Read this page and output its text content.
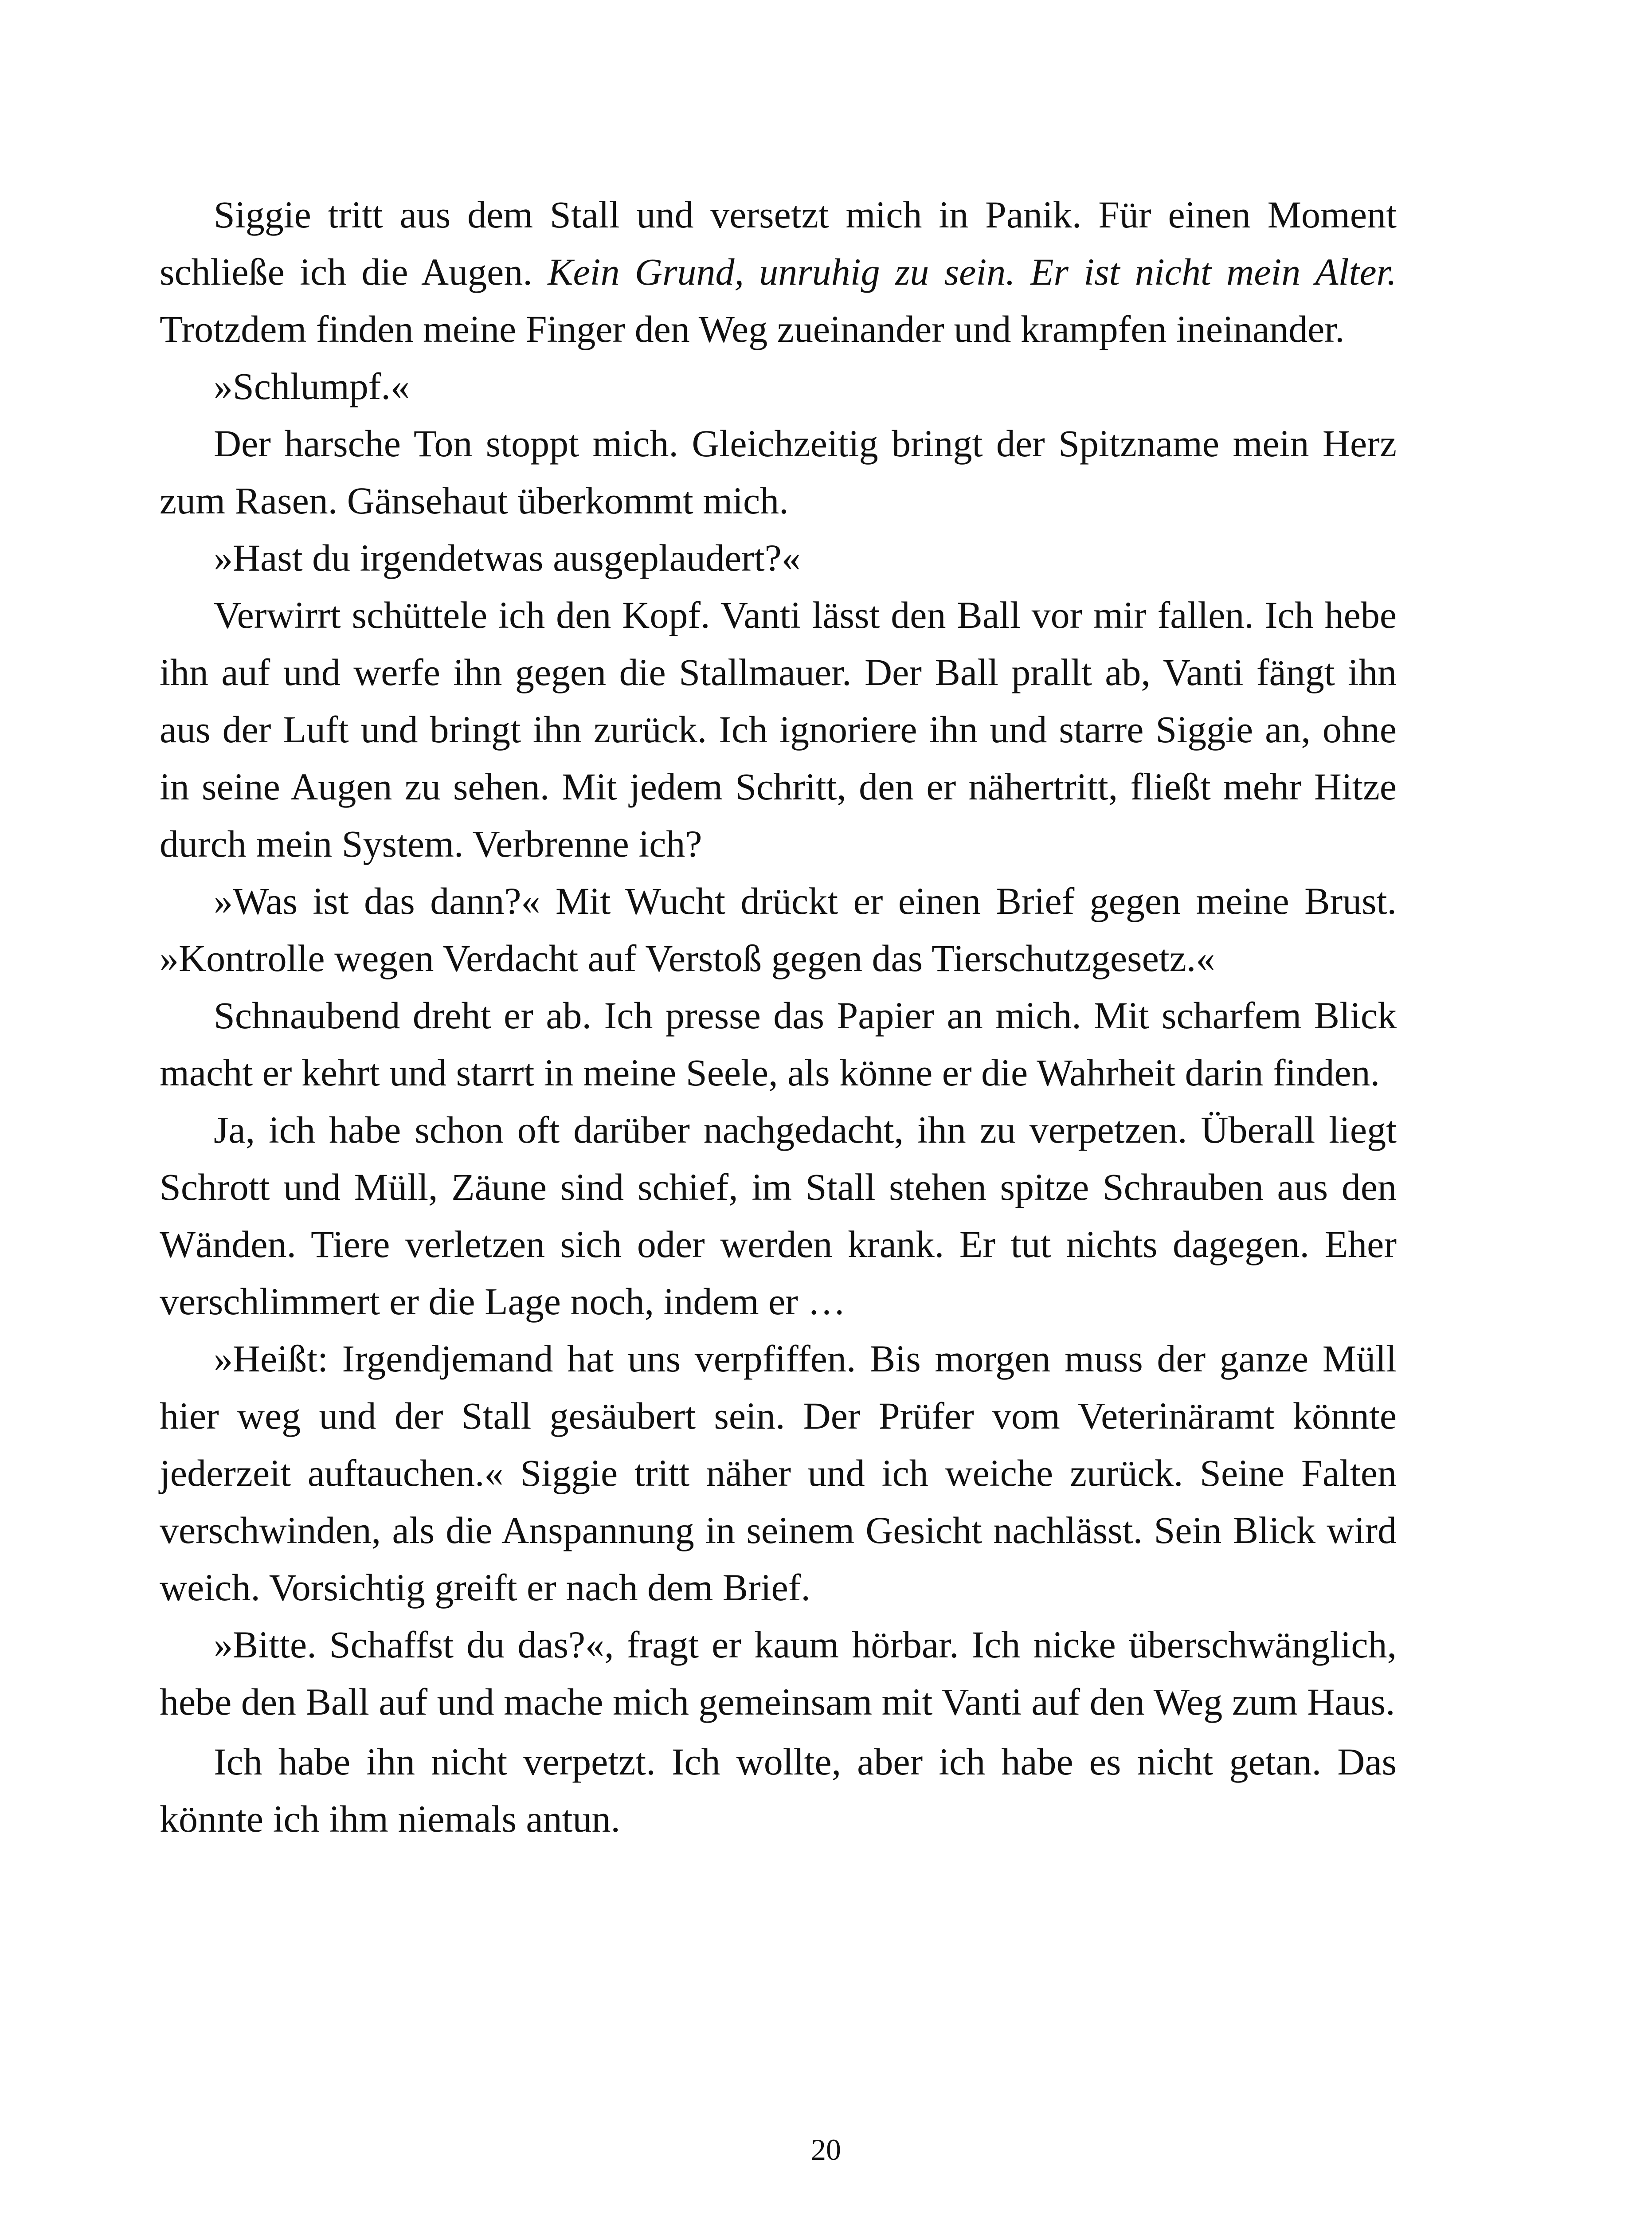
Siggie tritt aus dem Stall und versetzt mich in Panik. Für einen Moment schließe ich die Augen. Kein Grund, unruhig zu sein. Er ist nicht mein Alter. Trotzdem finden meine Finger den Weg zueinander und krampfen ineinander.

»Schlumpf.«

Der harsche Ton stoppt mich. Gleichzeitig bringt der Spitzname mein Herz zum Rasen. Gänsehaut überkommt mich.

»Hast du irgendetwas ausgeplaudert?«

Verwirrt schüttele ich den Kopf. Vanti lässt den Ball vor mir fallen. Ich hebe ihn auf und werfe ihn gegen die Stallmauer. Der Ball prallt ab, Vanti fängt ihn aus der Luft und bringt ihn zurück. Ich ignoriere ihn und starre Siggie an, ohne in seine Augen zu sehen. Mit jedem Schritt, den er nähertritt, fließt mehr Hitze durch mein System. Verbrenne ich?

»Was ist das dann?« Mit Wucht drückt er einen Brief gegen meine Brust. »Kontrolle wegen Verdacht auf Verstoß gegen das Tierschutzgesetz.«

Schnaubend dreht er ab. Ich presse das Papier an mich. Mit scharfem Blick macht er kehrt und starrt in meine Seele, als könne er die Wahrheit darin finden.

Ja, ich habe schon oft darüber nachgedacht, ihn zu verpetzen. Überall liegt Schrott und Müll, Zäune sind schief, im Stall stehen spitze Schrauben aus den Wänden. Tiere verletzen sich oder werden krank. Er tut nichts dagegen. Eher verschlimmert er die Lage noch, indem er …

»Heißt: Irgendjemand hat uns verpfiffen. Bis morgen muss der ganze Müll hier weg und der Stall gesäubert sein. Der Prüfer vom Veterinäramt könnte jederzeit auftauchen.« Siggie tritt näher und ich weiche zurück. Seine Falten verschwinden, als die Anspannung in seinem Gesicht nachlässt. Sein Blick wird weich. Vorsichtig greift er nach dem Brief.

»Bitte. Schaffst du das?«, fragt er kaum hörbar. Ich nicke überschwänglich, hebe den Ball auf und mache mich gemeinsam mit Vanti auf den Weg zum Haus.

Ich habe ihn nicht verpetzt. Ich wollte, aber ich habe es nicht getan. Das könnte ich ihm niemals antun.

20
